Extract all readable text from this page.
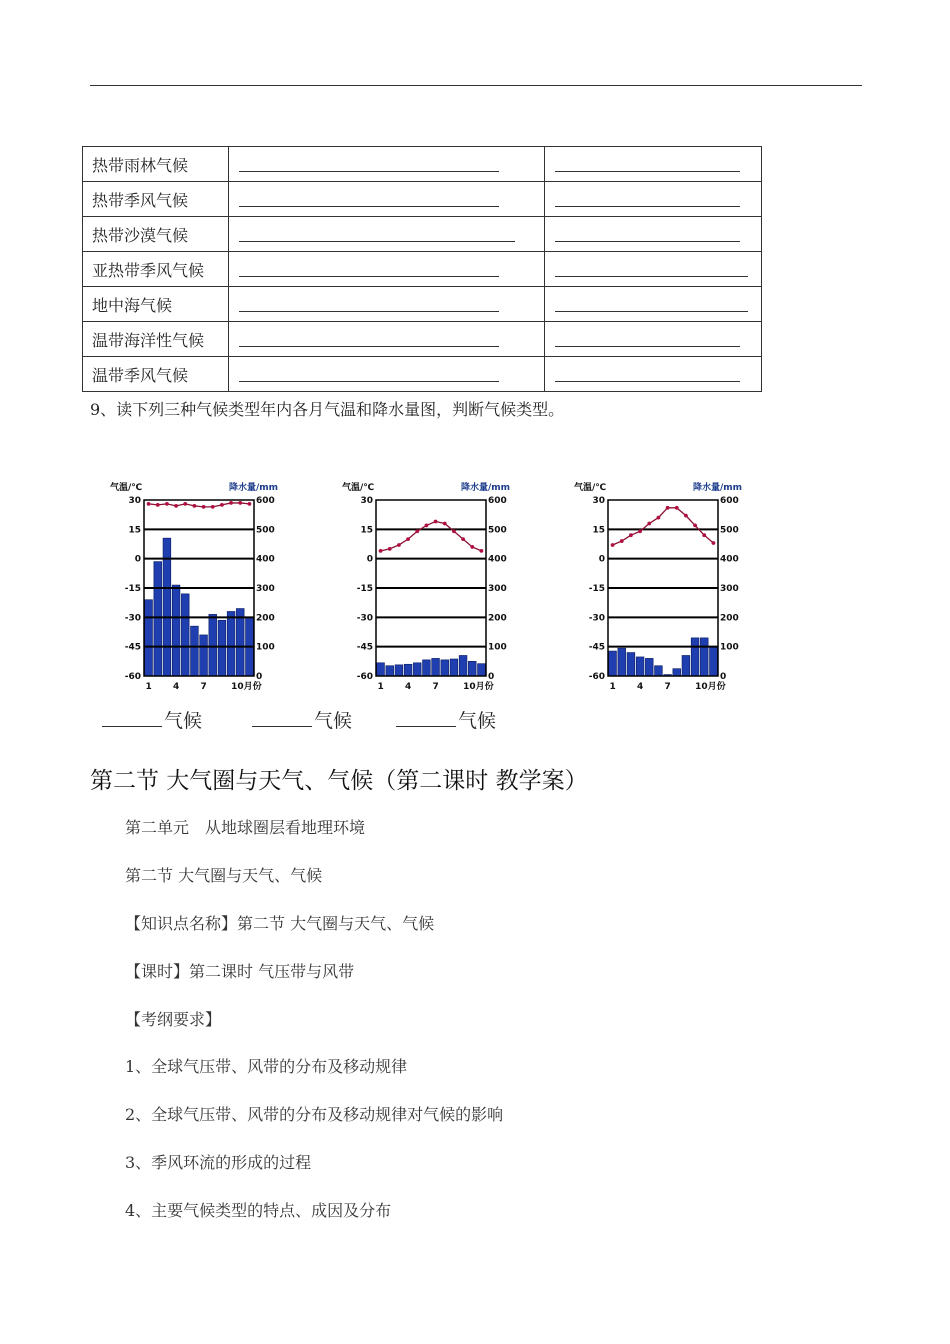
热带雨林气候		
热带季风气候		
热带沙漠气候		
亚热带季风气候		
地中海气候		
温带海洋性气候		
温带季风气候		
9、读下列三种气候类型年内各月气温和降水量图，判断气候类型。
气温/℃	降水量/mm
30	600
15	500
0	400
-15	300
-30	200
-45	100
-60	0
1 4 7	10月份
气温/℃	降水量/mm
30	600
15	500
0	400
-15	300
-30	200
-45	100
-60	0
1 4 7	10月份
气温/℃	降水量/mm
30	600
15	500
0	400
-15	300
-30	200
-45	100
-60	0
1 4 7	10月份
气候	气候	气候
第二节 大气圈与天气、气候（第二课时 教学案）
第二单元　从地球圈层看地理环境
第二节 大气圈与天气、气候
【知识点名称】第二节 大气圈与天气、气候
【课时】第二课时 气压带与风带
【考纲要求】
1、全球气压带、风带的分布及移动规律
2、全球气压带、风带的分布及移动规律对气候的影响
3、季风环流的形成的过程
4、主要气候类型的特点、成因及分布
